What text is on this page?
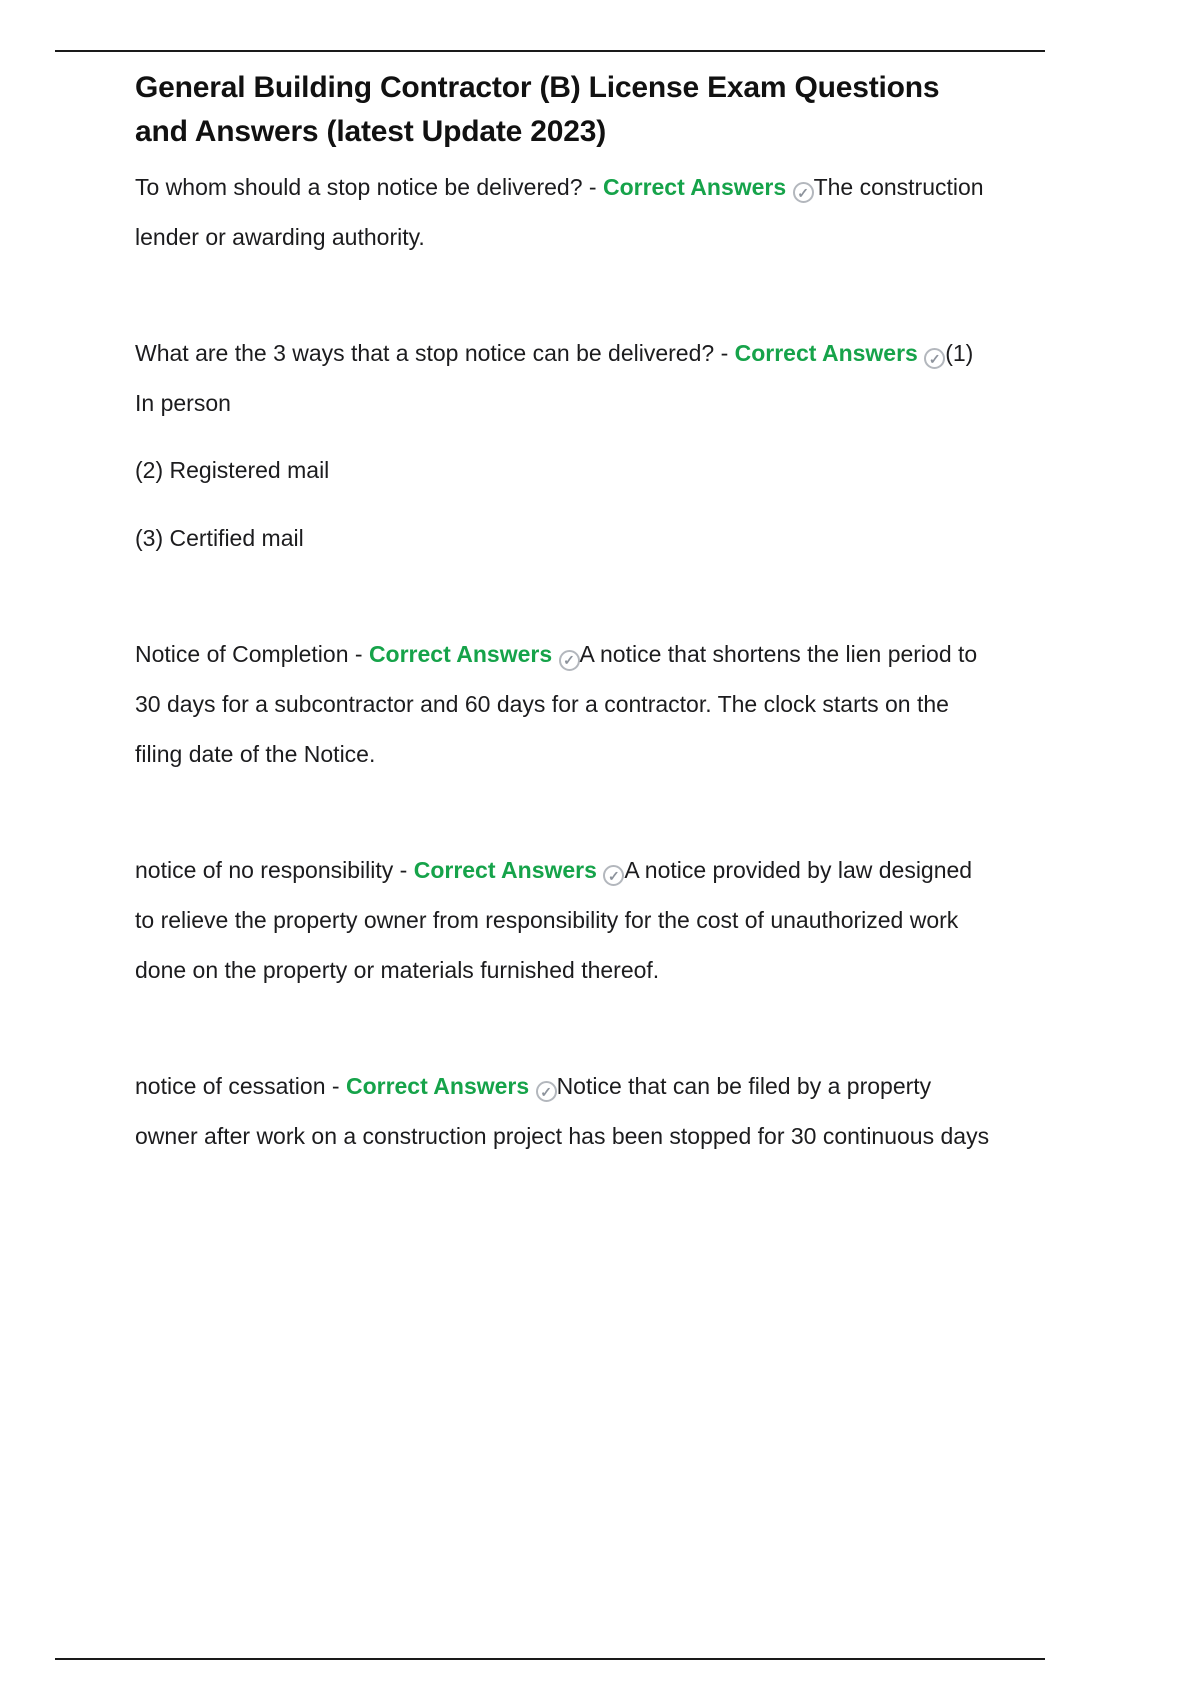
General Building Contractor (B) License Exam Questions and Answers (latest Update 2023)

To whom should a stop notice be delivered? - Correct Answers ✓ The construction lender or awarding authority.

What are the 3 ways that a stop notice can be delivered? - Correct Answers ✓ (1) In person

(2) Registered mail

(3) Certified mail

Notice of Completion - Correct Answers ✓ A notice that shortens the lien period to 30 days for a subcontractor and 60 days for a contractor. The clock starts on the filing date of the Notice.

notice of no responsibility - Correct Answers ✓ A notice provided by law designed to relieve the property owner from responsibility for the cost of unauthorized work done on the property or materials furnished thereof.

notice of cessation - Correct Answers ✓ Notice that can be filed by a property owner after work on a construction project has been stopped for 30 continuous days
